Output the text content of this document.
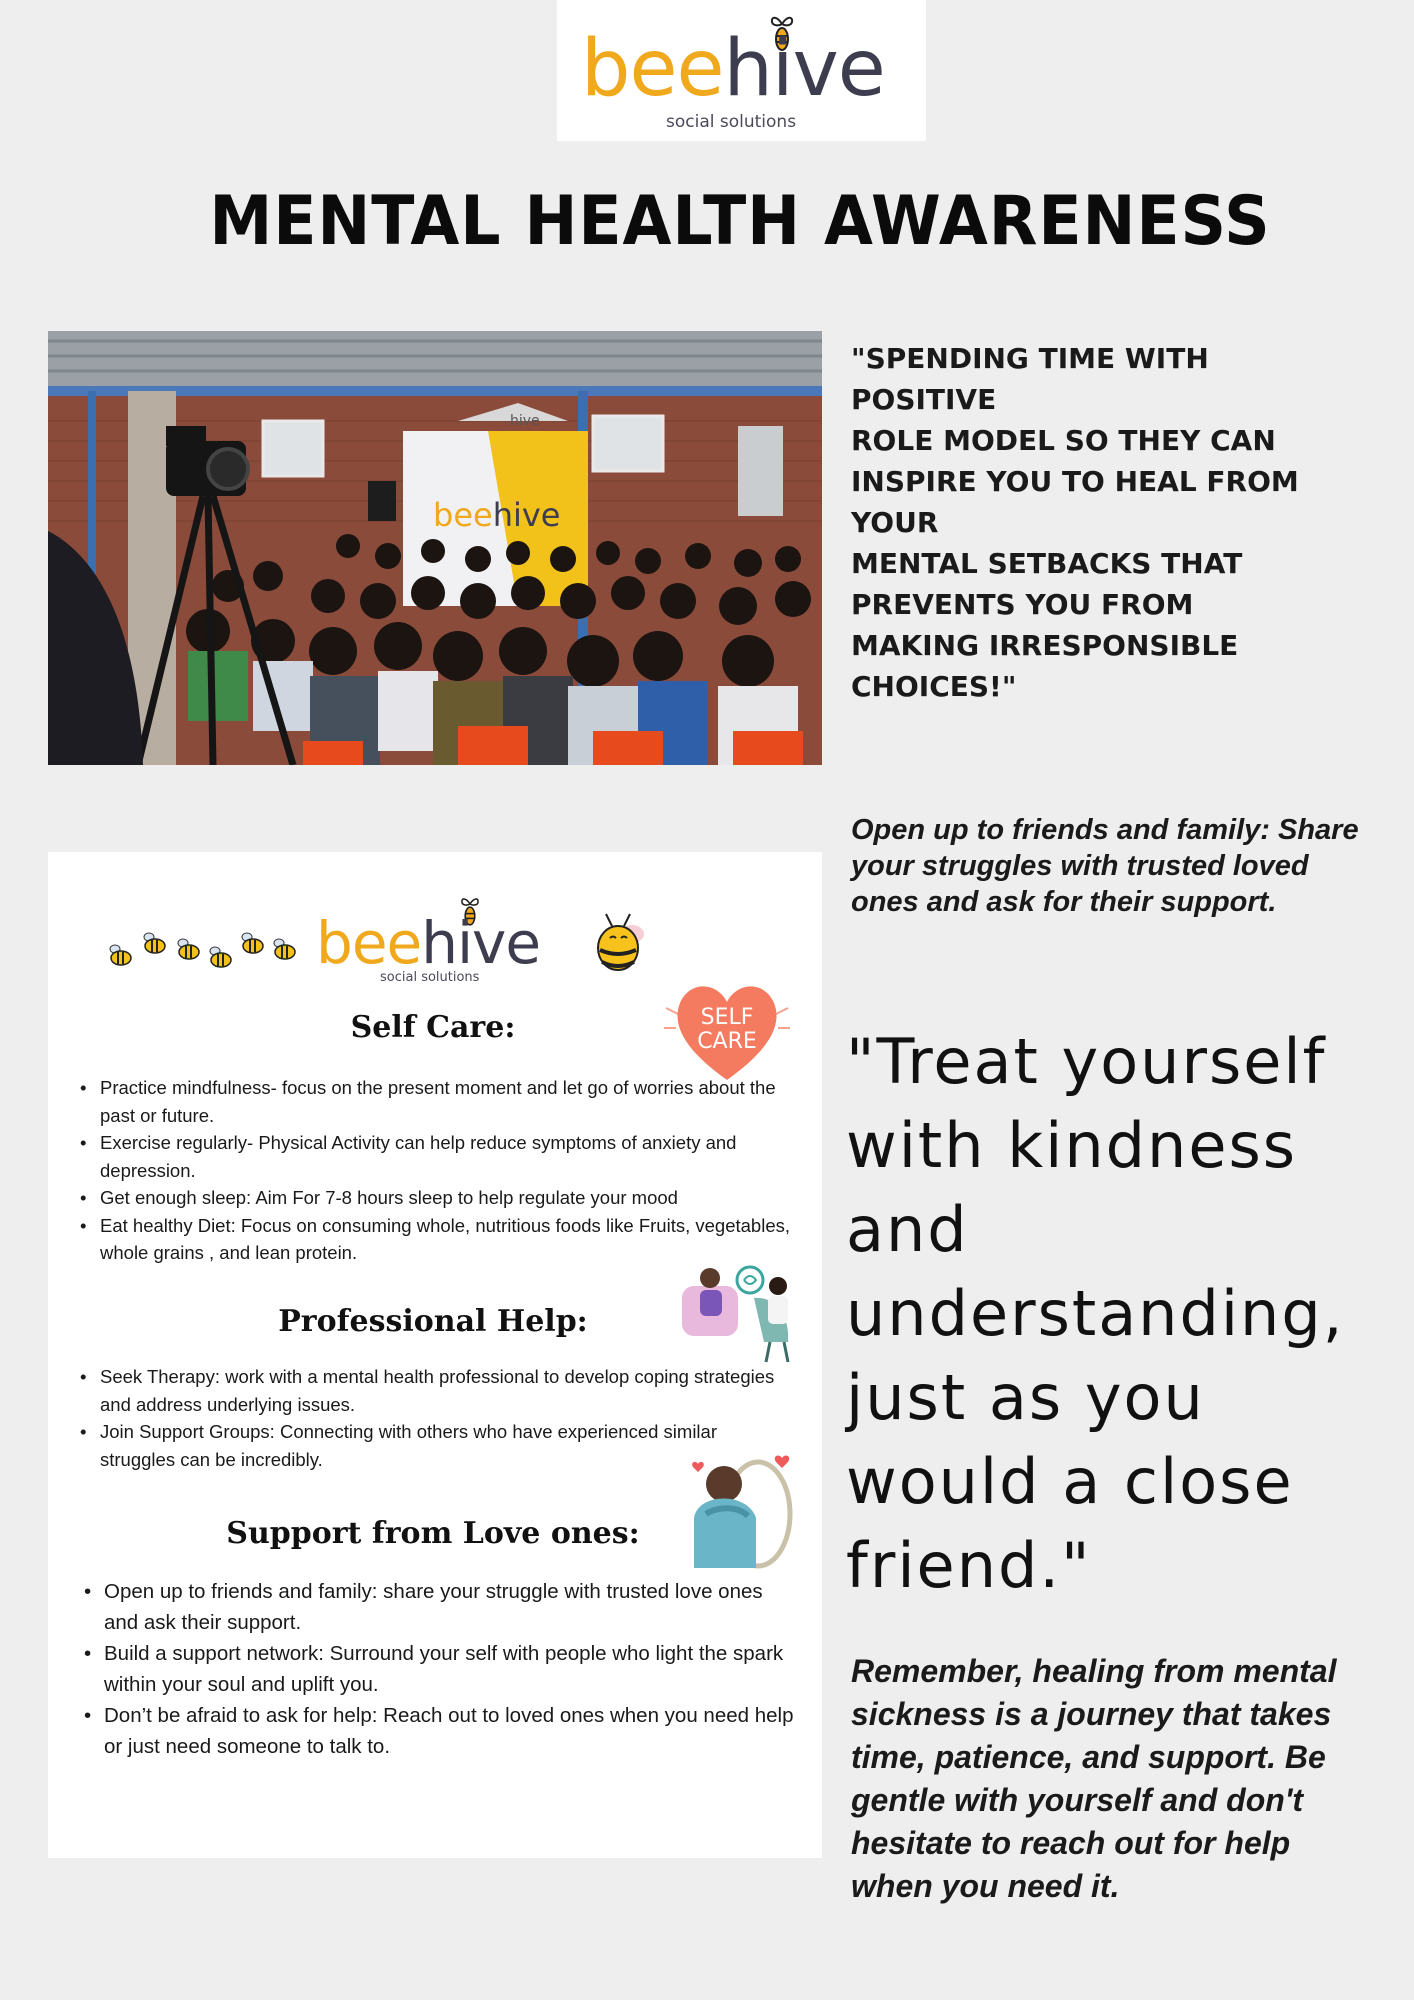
beehive
social solutions
MENTAL HEALTH AWARENESS
beehive
hive
"SPENDING TIME WITH
POSITIVE
ROLE MODEL SO THEY CAN
INSPIRE YOU TO HEAL FROM
YOUR
MENTAL SETBACKS THAT
PREVENTS YOU FROM
MAKING IRRESPONSIBLE
CHOICES!"
Open up to friends and family: Share your struggles with trusted loved ones and ask for their support.
"Treat yourself
with kindness
and
understanding,
just as you
would a close
friend."
Remember, healing from mental
sickness is a journey that takes
time, patience, and support. Be
gentle with yourself and don't
hesitate to reach out for help
when you need it.
beehive
social solutions
SELF
CARE
Self Care:
• Practice mindfulness- focus on the present moment and let go of worries about the past or future.
• Exercise regularly- Physical Activity can help reduce symptoms of anxiety and depression.
• Get enough sleep: Aim For 7-8 hours sleep to help regulate your mood
• Eat healthy Diet: Focus on consuming whole, nutritious foods like Fruits, vegetables, whole grains , and lean protein.
Professional Help:
• Seek Therapy: work with a mental health professional to develop coping strategies and address underlying issues.
• Join Support Groups: Connecting with others who have experienced similar struggles can be incredibly.
Support from Love ones:
• Open up to friends and family: share your struggle with trusted love ones and ask their support.
• Build a support network: Surround your self with people who light the spark within your soul and uplift you.
• Don’t be afraid to ask for help: Reach out to loved ones when you need help or just need someone to talk to.
